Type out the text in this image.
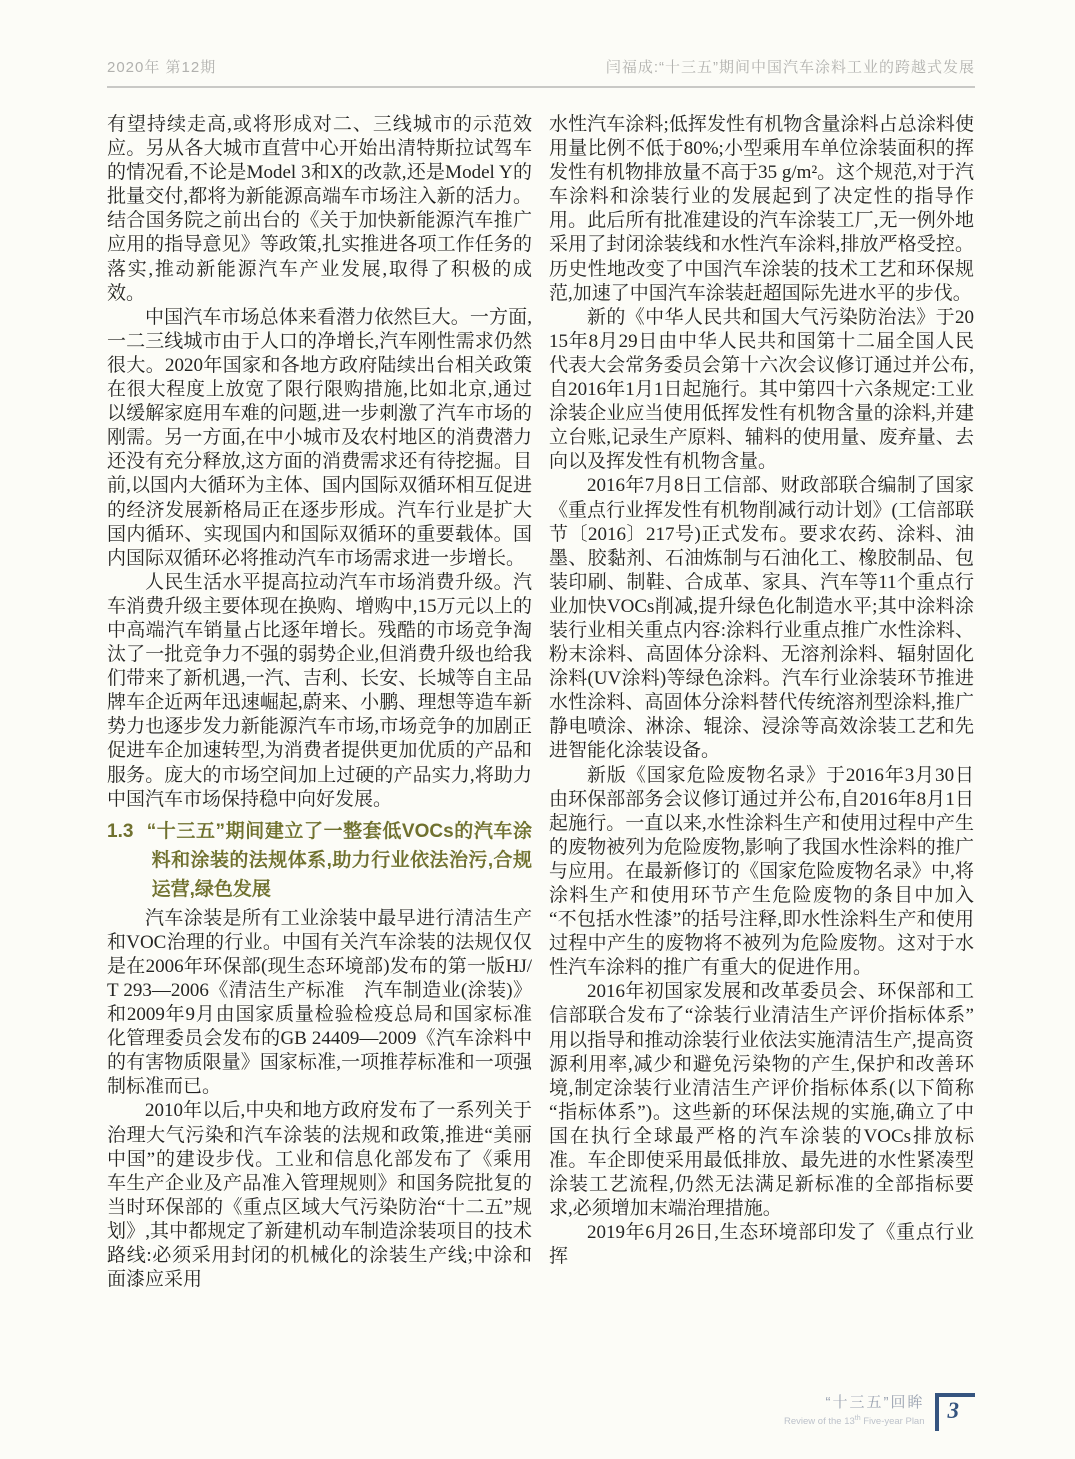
2020年 第12期	闫福成:“十三五”期间中国汽车涂料工业的跨越式发展

有望持续走高,或将形成对二、三线城市的示范效应。另从各大城市直营中心开始出清特斯拉试驾车的情况看,不论是Model 3和X的改款,还是Model Y的批量交付,都将为新能源高端车市场注入新的活力。结合国务院之前出台的《关于加快新能源汽车推广应用的指导意见》等政策,扎实推进各项工作任务的落实,推动新能源汽车产业发展,取得了积极的成效。

中国汽车市场总体来看潜力依然巨大。一方面,一二三线城市由于人口的净增长,汽车刚性需求仍然很大。2020年国家和各地方政府陆续出台相关政策在很大程度上放宽了限行限购措施,比如北京,通过以缓解家庭用车难的问题,进一步刺激了汽车市场的刚需。另一方面,在中小城市及农村地区的消费潜力还没有充分释放,这方面的消费需求还有待挖掘。目前,以国内大循环为主体、国内国际双循环相互促进的经济发展新格局正在逐步形成。汽车行业是扩大国内循环、实现国内和国际双循环的重要载体。国内国际双循环必将推动汽车市场需求进一步增长。

人民生活水平提高拉动汽车市场消费升级。汽车消费升级主要体现在换购、增购中,15万元以上的中高端汽车销量占比逐年增长。残酷的市场竞争淘汰了一批竞争力不强的弱势企业,但消费升级也给我们带来了新机遇,一汽、吉利、长安、长城等自主品牌车企近两年迅速崛起,蔚来、小鹏、理想等造车新势力也逐步发力新能源汽车市场,市场竞争的加剧正促进车企加速转型,为消费者提供更加优质的产品和服务。庞大的市场空间加上过硬的产品实力,将助力中国汽车市场保持稳中向好发展。

1.3 “十三五”期间建立了一整套低VOCs的汽车涂料和涂装的法规体系,助力行业依法治污,合规运营,绿色发展

汽车涂装是所有工业涂装中最早进行清洁生产和VOC治理的行业。中国有关汽车涂装的法规仅仅是在2006年环保部(现生态环境部)发布的第一版HJ/T 293—2006《清洁生产标准　汽车制造业(涂装)》和2009年9月由国家质量检验检疫总局和国家标准化管理委员会发布的GB 24409—2009《汽车涂料中的有害物质限量》国家标准,一项推荐标准和一项强制标准而已。

2010年以后,中央和地方政府发布了一系列关于治理大气污染和汽车涂装的法规和政策,推进“美丽中国”的建设步伐。工业和信息化部发布了《乘用车生产企业及产品准入管理规则》和国务院批复的当时环保部的《重点区域大气污染防治“十二五”规划》,其中都规定了新建机动车制造涂装项目的技术路线:必须采用封闭的机械化的涂装生产线;中涂和面漆应采用

水性汽车涂料;低挥发性有机物含量涂料占总涂料使用量比例不低于80%;小型乘用车单位涂装面积的挥发性有机物排放量不高于35 g/m²。这个规范,对于汽车涂料和涂装行业的发展起到了决定性的指导作用。此后所有批准建设的汽车涂装工厂,无一例外地采用了封闭涂装线和水性汽车涂料,排放严格受控。历史性地改变了中国汽车涂装的技术工艺和环保规范,加速了中国汽车涂装赶超国际先进水平的步伐。

新的《中华人民共和国大气污染防治法》于2015年8月29日由中华人民共和国第十二届全国人民代表大会常务委员会第十六次会议修订通过并公布,自2016年1月1日起施行。其中第四十六条规定:工业涂装企业应当使用低挥发性有机物含量的涂料,并建立台账,记录生产原料、辅料的使用量、废弃量、去向以及挥发性有机物含量。

2016年7月8日工信部、财政部联合编制了国家《重点行业挥发性有机物削减行动计划》(工信部联节〔2016〕217号)正式发布。要求农药、涂料、油墨、胶黏剂、石油炼制与石油化工、橡胶制品、包装印刷、制鞋、合成革、家具、汽车等11个重点行业加快VOCs削减,提升绿色化制造水平;其中涂料涂装行业相关重点内容:涂料行业重点推广水性涂料、粉末涂料、高固体分涂料、无溶剂涂料、辐射固化涂料(UV涂料)等绿色涂料。汽车行业涂装环节推进水性涂料、高固体分涂料替代传统溶剂型涂料,推广静电喷涂、淋涂、辊涂、浸涂等高效涂装工艺和先进智能化涂装设备。

新版《国家危险废物名录》于2016年3月30日由环保部部务会议修订通过并公布,自2016年8月1日起施行。一直以来,水性涂料生产和使用过程中产生的废物被列为危险废物,影响了我国水性涂料的推广与应用。在最新修订的《国家危险废物名录》中,将涂料生产和使用环节产生危险废物的条目中加入“不包括水性漆”的括号注释,即水性涂料生产和使用过程中产生的废物将不被列为危险废物。这对于水性汽车涂料的推广有重大的促进作用。

2016年初国家发展和改革委员会、环保部和工信部联合发布了“涂装行业清洁生产评价指标体系”用以指导和推动涂装行业依法实施清洁生产,提高资源利用率,减少和避免污染物的产生,保护和改善环境,制定涂装行业清洁生产评价指标体系(以下简称“指标体系”)。这些新的环保法规的实施,确立了中国在执行全球最严格的汽车涂装的VOCs排放标准。车企即使采用最低排放、最先进的水性紧凑型涂装工艺流程,仍然无法满足新标准的全部指标要求,必须增加末端治理措施。

2019年6月26日,生态环境部印发了《重点行业挥

“十三五”回眸
Review of the 13th Five-year Plan	3
